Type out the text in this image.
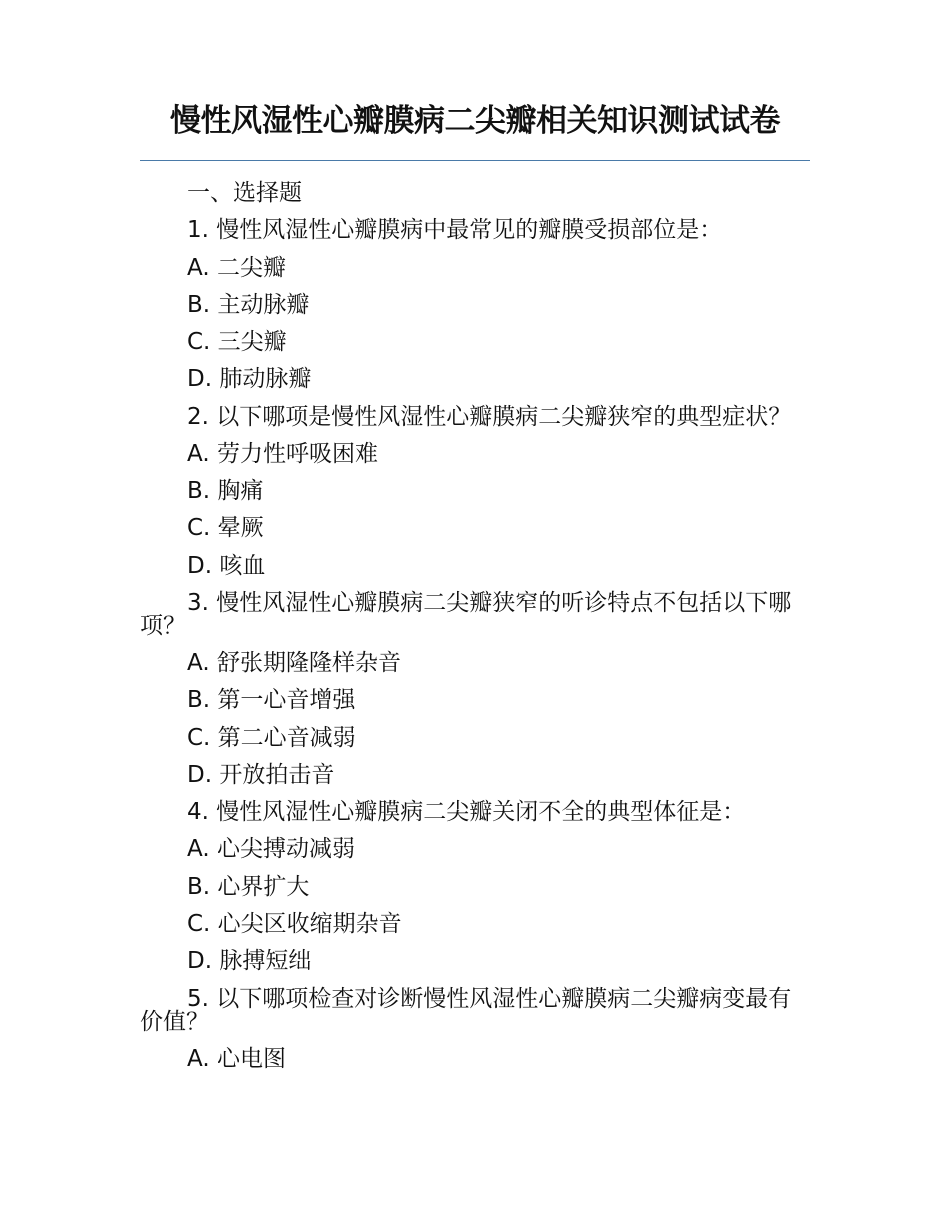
慢性风湿性心瓣膜病二尖瓣相关知识测试试卷

一、选择题

1. 慢性风湿性心瓣膜病中最常见的瓣膜受损部位是：

A. 二尖瓣

B. 主动脉瓣

C. 三尖瓣

D. 肺动脉瓣

2. 以下哪项是慢性风湿性心瓣膜病二尖瓣狭窄的典型症状？

A. 劳力性呼吸困难

B. 胸痛

C. 晕厥

D. 咳血

3. 慢性风湿性心瓣膜病二尖瓣狭窄的听诊特点不包括以下哪项？

A. 舒张期隆隆样杂音

B. 第一心音增强

C. 第二心音减弱

D. 开放拍击音

4. 慢性风湿性心瓣膜病二尖瓣关闭不全的典型体征是：

A. 心尖搏动减弱

B. 心界扩大

C. 心尖区收缩期杂音

D. 脉搏短绌

5. 以下哪项检查对诊断慢性风湿性心瓣膜病二尖瓣病变最有价值？

A. 心电图
